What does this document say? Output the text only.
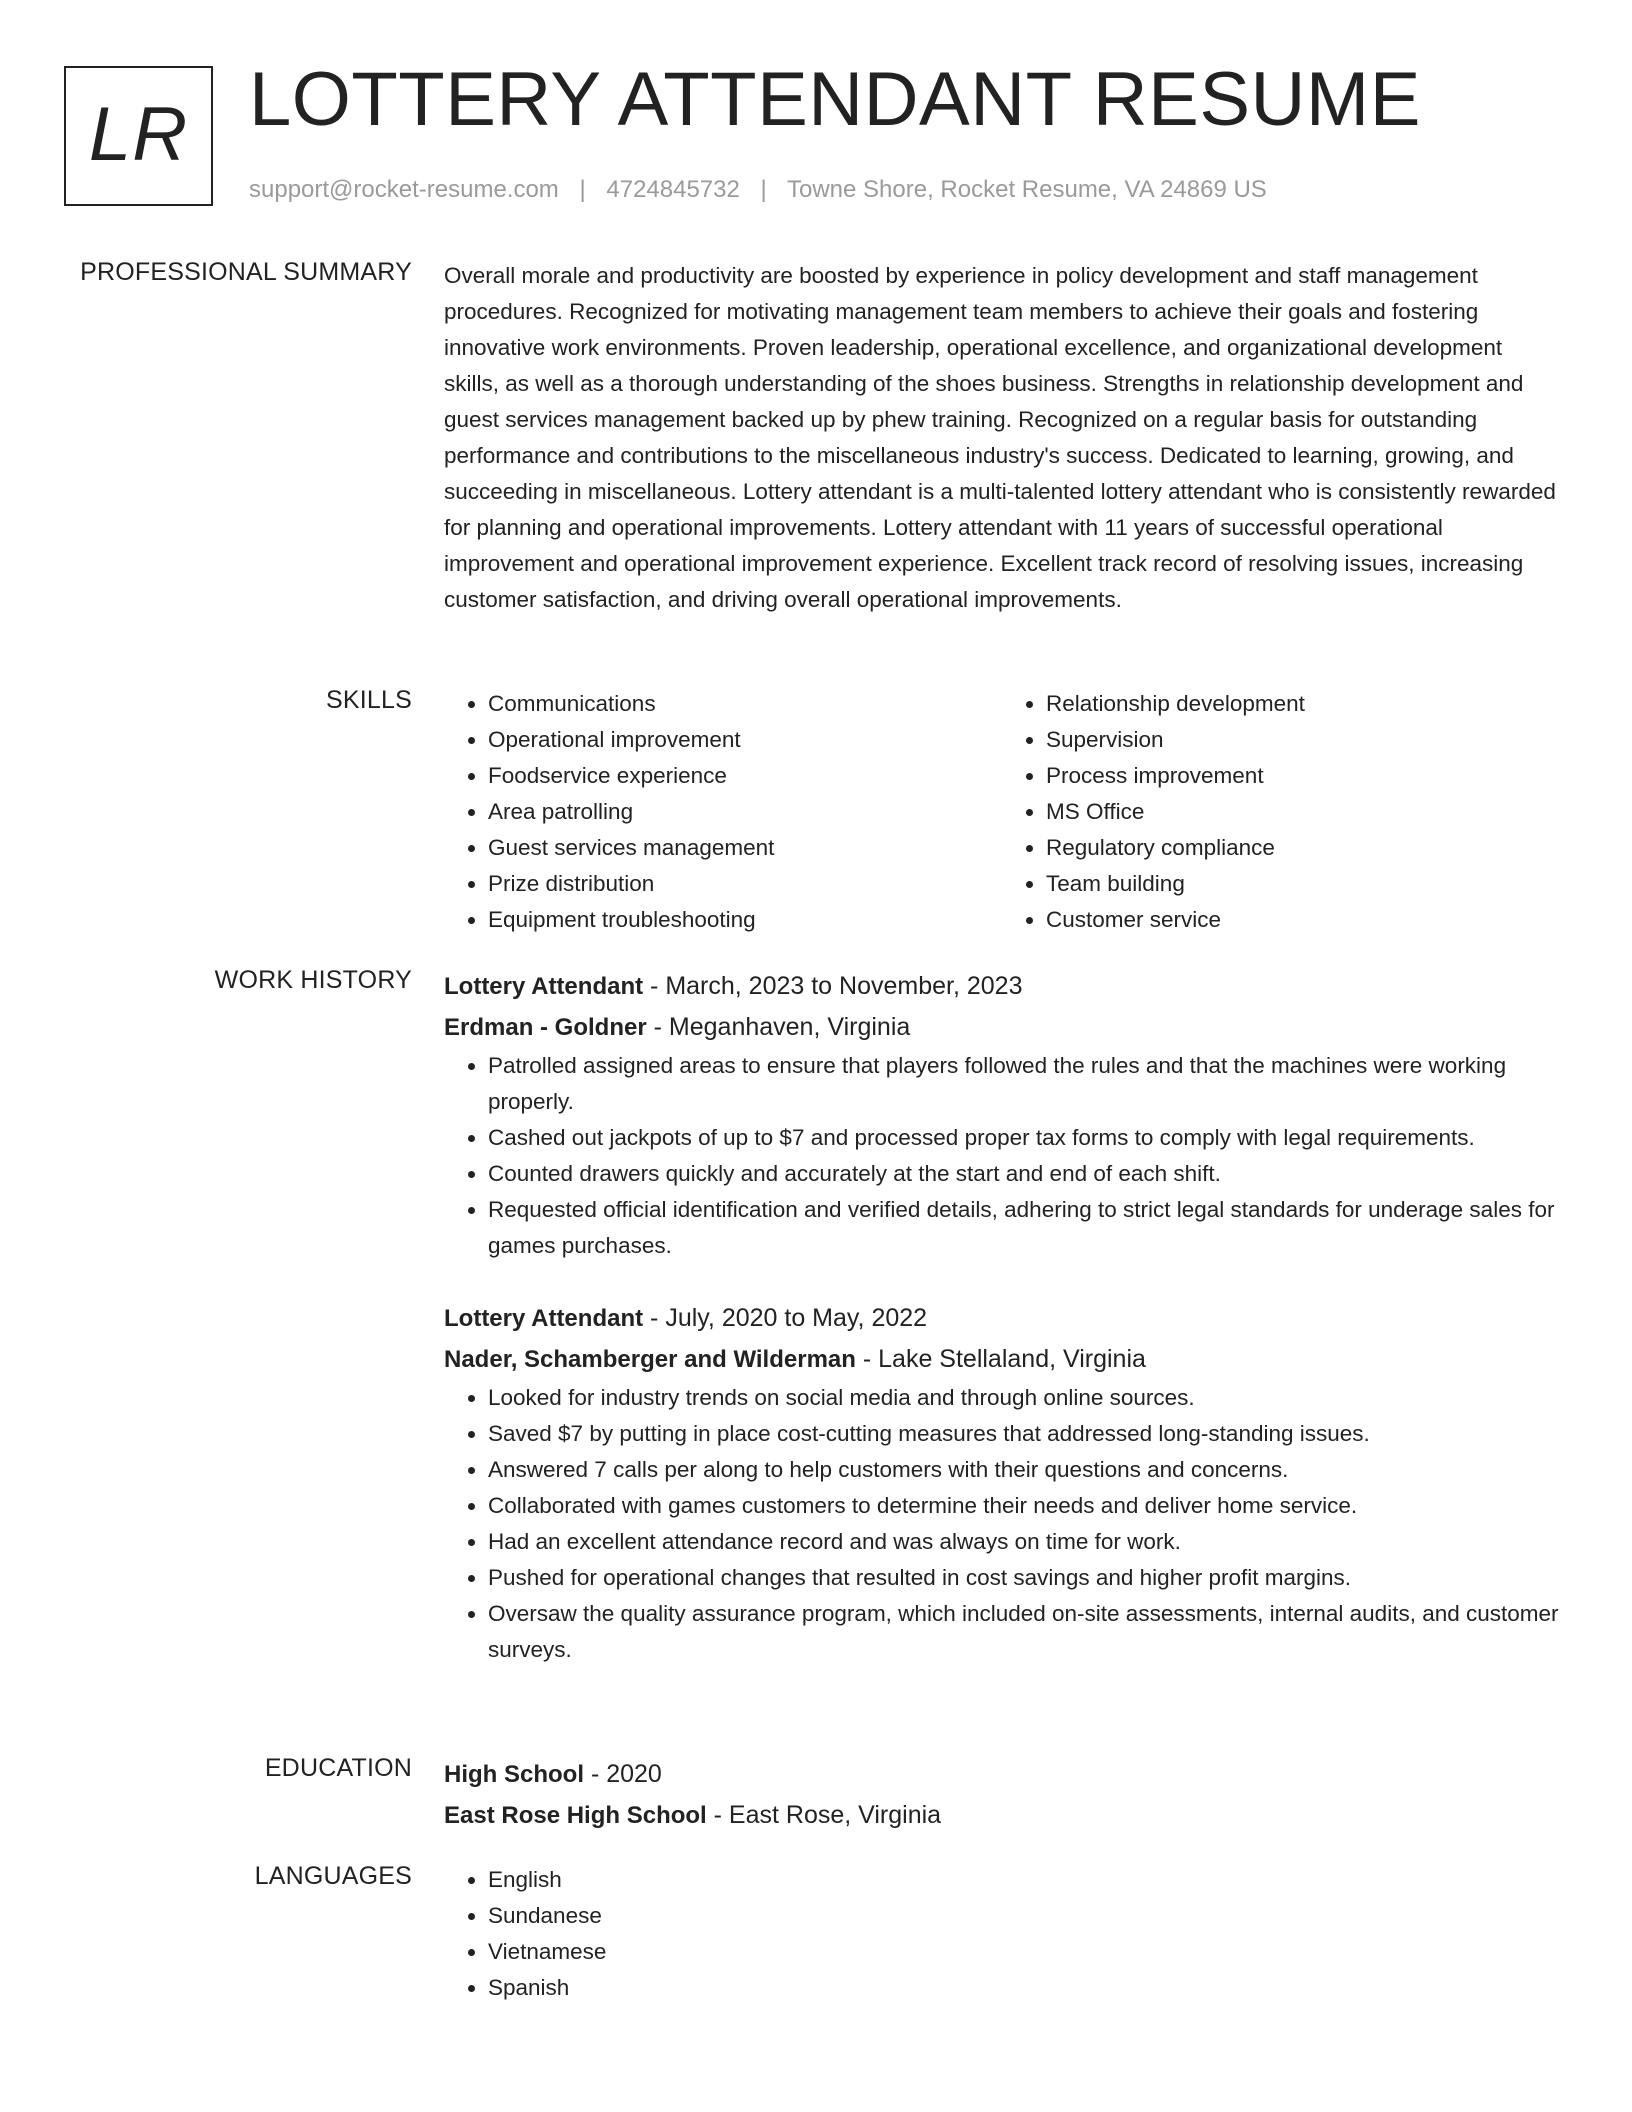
LR LOTTERY ATTENDANT RESUME
support@rocket-resume.com | 4724845732 | Towne Shore, Rocket Resume, VA 24869 US
PROFESSIONAL SUMMARY Overall morale and productivity are boosted by experience in policy development and staff management procedures. Recognized for motivating management team members to achieve their goals and fostering innovative work environments. Proven leadership, operational excellence, and organizational development skills, as well as a thorough understanding of the shoes business. Strengths in relationship development and guest services management backed up by phew training. Recognized on a regular basis for outstanding performance and contributions to the miscellaneous industry's success. Dedicated to learning, growing, and succeeding in miscellaneous. Lottery attendant is a multi-talented lottery attendant who is consistently rewarded for planning and operational improvements. Lottery attendant with 11 years of successful operational improvement and operational improvement experience. Excellent track record of resolving issues, increasing customer satisfaction, and driving overall operational improvements.

SKILLS	• Communications
• Operational improvement
• Foodservice experience
• Area patrolling
• Guest services management
• Prize distribution
• Equipment troubleshooting
• Relationship development
• Supervision
• Process improvement
• MS Office
• Regulatory compliance
• Team building
• Customer service
WORK HISTORY Lottery Attendant - March, 2023 to November, 2023
Erdman - Goldner - Meganhaven, Virginia
• Patrolled assigned areas to ensure that players followed the rules and that the machines were working properly.
• Cashed out jackpots of up to $7 and processed proper tax forms to comply with legal requirements.
• Counted drawers quickly and accurately at the start and end of each shift.
• Requested official identification and verified details, adhering to strict legal standards for underage sales for games purchases.
Lottery Attendant - July, 2020 to May, 2022
Nader, Schamberger and Wilderman - Lake Stellaland, Virginia
• Looked for industry trends on social media and through online sources.
• Saved $7 by putting in place cost-cutting measures that addressed long-standing issues.
• Answered 7 calls per along to help customers with their questions and concerns.
• Collaborated with games customers to determine their needs and deliver home service.
• Had an excellent attendance record and was always on time for work.
• Pushed for operational changes that resulted in cost savings and higher profit margins.
• Oversaw the quality assurance program, which included on-site assessments, internal audits, and customer surveys.
EDUCATION High School - 2020
East Rose High School - East Rose, Virginia
LANGUAGES	• English
• Sundanese
• Vietnamese
• Spanish
